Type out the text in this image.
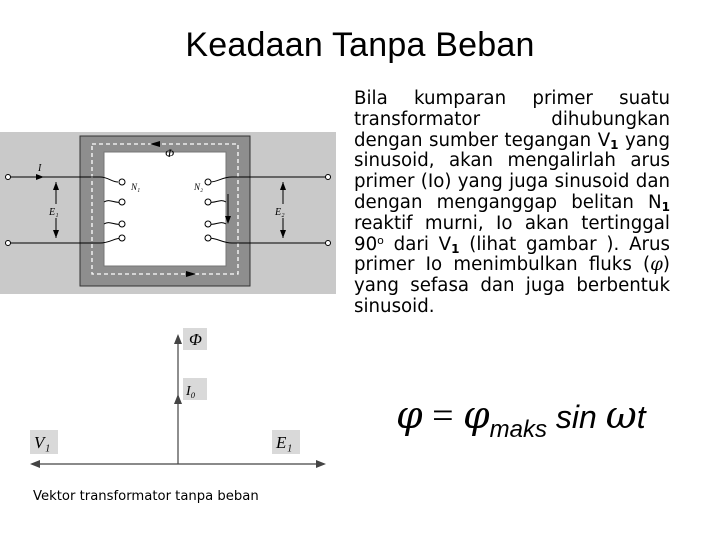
Keadaan Tanpa Beban
Bila kumparan primer suatu transformator dihubungkan dengan sumber tegangan $V_1$ yang sinusoid, akan mengalirlah arus primer (Io) yang juga sinusoid dan dengan menganggap belitan $N_1$ reaktif murni, Io akan tertinggal 90$^o$ dari $V_1$ (lihat gambar ). Arus primer Io menimbulkan fluks (φ) yang sefasa dan juga berbentuk sinusoid.
$\varphi = \varphi_{maks}$ sin ωt
Φ
I
E₁	E₂
N₁	N₂
Φ
I₀
V₁	E₁
Vektor transformator tanpa beban
